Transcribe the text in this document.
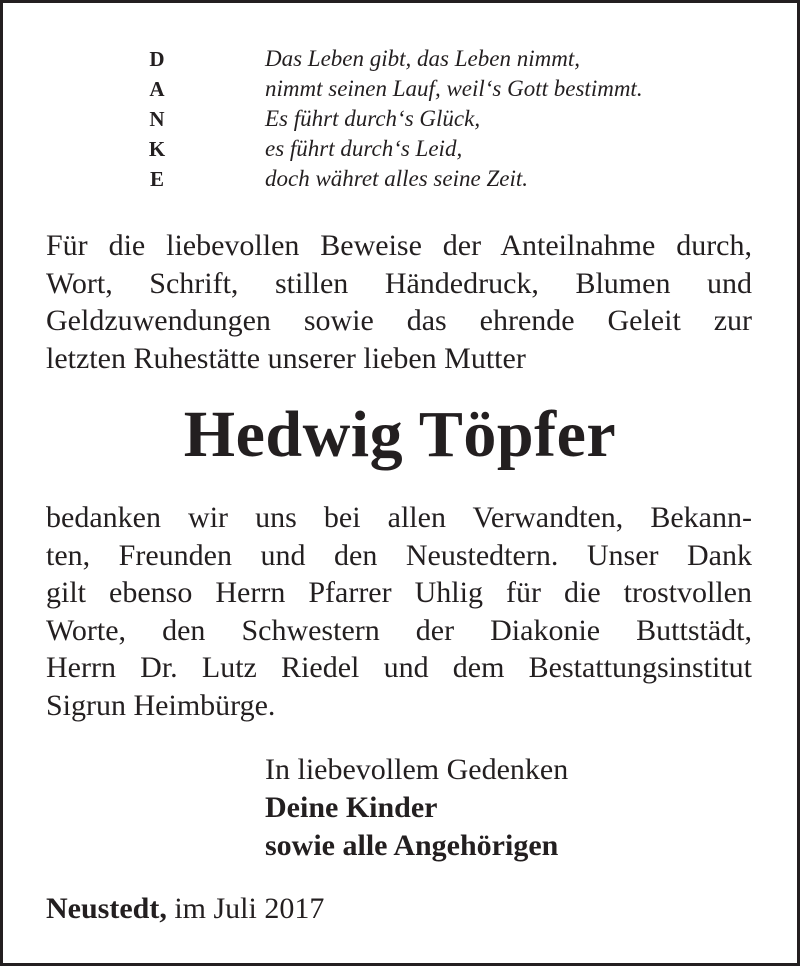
D
A
N
K
E
Das Leben gibt, das Leben nimmt,
nimmt seinen Lauf, weil‘s Gott bestimmt.
Es führt durch‘s Glück,
es führt durch‘s Leid,
doch währet alles seine Zeit.
Für die liebevollen Beweise der Anteilnahme durch,
Wort, Schrift, stillen Händedruck, Blumen und
Geldzuwendungen sowie das ehrende Geleit zur
letzten Ruhestätte unserer lieben Mutter
Hedwig Töpfer
bedanken wir uns bei allen Verwandten, Bekann-
ten, Freunden und den Neustedtern. Unser Dank
gilt ebenso Herrn Pfarrer Uhlig für die trostvollen
Worte, den Schwestern der Diakonie Buttstädt,
Herrn Dr. Lutz Riedel und dem Bestattungsinstitut
Sigrun Heimbürge.
In liebevollem Gedenken
Deine Kinder
sowie alle Angehörigen
Neustedt, im Juli 2017
